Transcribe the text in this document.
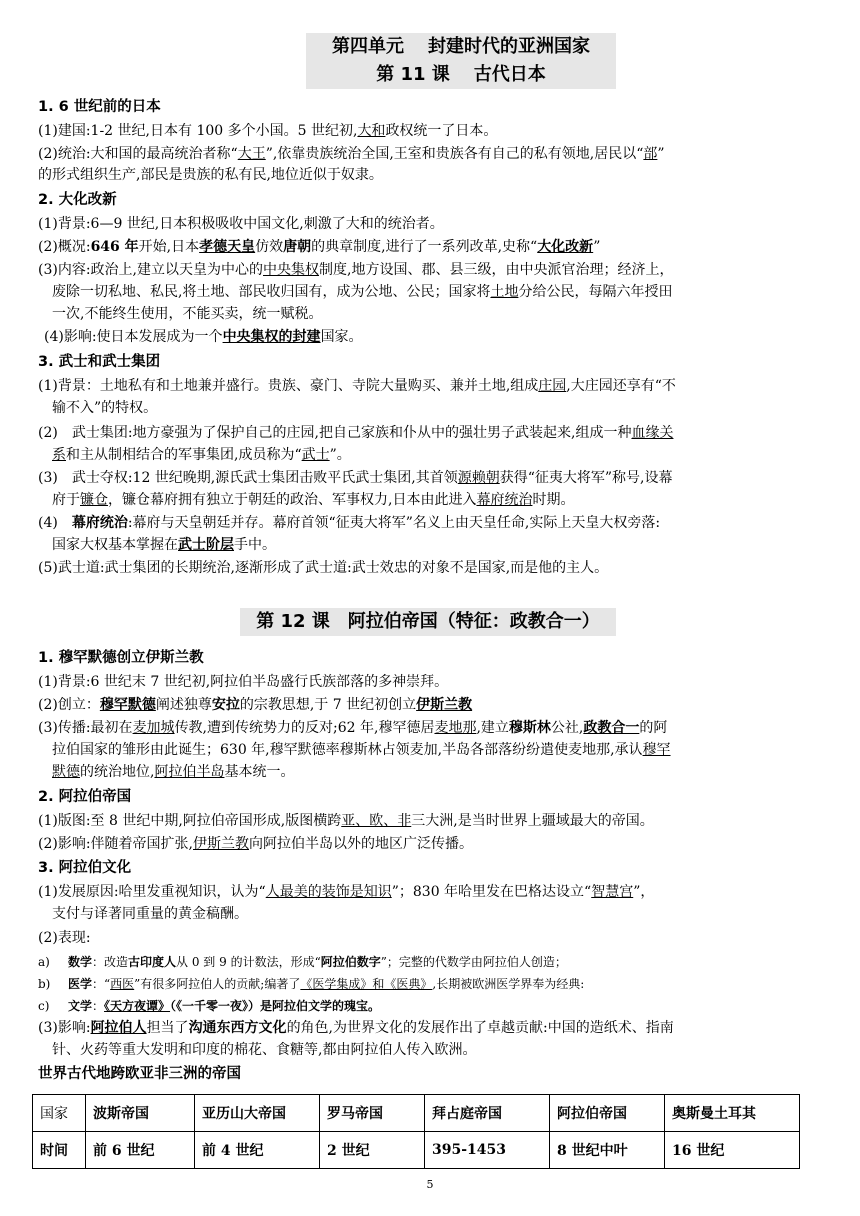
第四单元 封建时代的亚洲国家
第 11 课 古代日本
1. 6 世纪前的日本
(1)建国:1-2 世纪,日本有 100 多个小国。5 世纪初,大和政权统一了日本。
(2)统治:大和国的最高统治者称“大王”,依靠贵族统治全国,王室和贵族各有自己的私有领地,居民以“部”
的形式组织生产,部民是贵族的私有民,地位近似于奴隶。
2. 大化改新
(1)背景:6—9 世纪,日本积极吸收中国文化,刺激了大和的统治者。
(2)概况:646 年开始,日本孝德天皇仿效唐朝的典章制度,进行了一系列改革,史称“大化改新”
(3)内容:政治上,建立以天皇为中心的中央集权制度,地方设国、郡、县三级，由中央派官治理；经济上，
废除一切私地、私民,将土地、部民收归国有，成为公地、公民；国家将土地分给公民，每隔六年授田
一次,不能终生使用，不能买卖，统一赋税。
(4)影响:使日本发展成为一个中央集权的封建国家。
3. 武士和武士集团
(1)背景：土地私有和土地兼并盛行。贵族、豪门、寺院大量购买、兼并土地,组成庄园,大庄园还享有“不
输不入”的特权。
(2)　武士集团:地方豪强为了保护自己的庄园,把自己家族和仆从中的强壮男子武装起来,组成一种血缘关
系和主从制相结合的军事集团,成员称为“武士”。
(3)　武士夺权:12 世纪晚期,源氏武士集团击败平氏武士集团,其首领源赖朝获得“征夷大将军”称号,设幕
府于镰仓，镰仓幕府拥有独立于朝廷的政治、军事权力,日本由此进入幕府统治时期。
(4)　幕府统治:幕府与天皇朝廷并存。幕府首领“征夷大将军”名义上由天皇任命,实际上天皇大权旁落:
国家大权基本掌握在武士阶层手中。
(5)武士道:武士集团的长期统治,逐渐形成了武士道:武士效忠的对象不是国家,而是他的主人。
第 12 课 阿拉伯帝国（特征：政教合一）
1. 穆罕默德创立伊斯兰教
(1)背景:6 世纪末 7 世纪初,阿拉伯半岛盛行氏族部落的多神崇拜。
(2)创立：穆罕默德阐述独尊安拉的宗教思想,于 7 世纪初创立伊斯兰教
(3)传播:最初在麦加城传教,遭到传统势力的反对;62 年,穆罕德居麦地那,建立穆斯林公社,政教合一的阿
拉伯国家的雏形由此诞生；630 年,穆罕默德率穆斯林占领麦加,半岛各部落纷纷遣使麦地那,承认穆罕
默德的统治地位,阿拉伯半岛基本统一。
2. 阿拉伯帝国
(1)版图:至 8 世纪中期,阿拉伯帝国形成,版图横跨亚、欧、非三大洲,是当时世界上疆域最大的帝国。
(2)影响:伴随着帝国扩张,伊斯兰教向阿拉伯半岛以外的地区广泛传播。
3. 阿拉伯文化
(1)发展原因:哈里发重视知识，认为“人最美的装饰是知识”；830 年哈里发在巴格达设立“智慧宫”，
支付与译著同重量的黄金稿酬。
(2)表现:
a) 数学：改造古印度人从 0 到 9 的计数法，形成“阿拉伯数字”；完整的代数学由阿拉伯人创造；
b) 医学：“西医”有很多阿拉伯人的贡献;编著了《医学集成》和《医典》,长期被欧洲医学界奉为经典:
c) 文学：《天方夜谭》（《一千零一夜》）是阿拉伯文学的瑰宝。
(3)影响:阿拉伯人担当了沟通东西方文化的角色,为世界文化的发展作出了卓越贡献:中国的造纸术、指南
针、火药等重大发明和印度的棉花、食糖等,都由阿拉伯人传入欧洲。
世界古代地跨欧亚非三洲的帝国
国家	波斯帝国	亚历山大帝国	罗马帝国	拜占庭帝国	阿拉伯帝国	奥斯曼土耳其
时间	前 6 世纪	前 4 世纪	2 世纪	395-1453	8 世纪中叶	16 世纪
5
